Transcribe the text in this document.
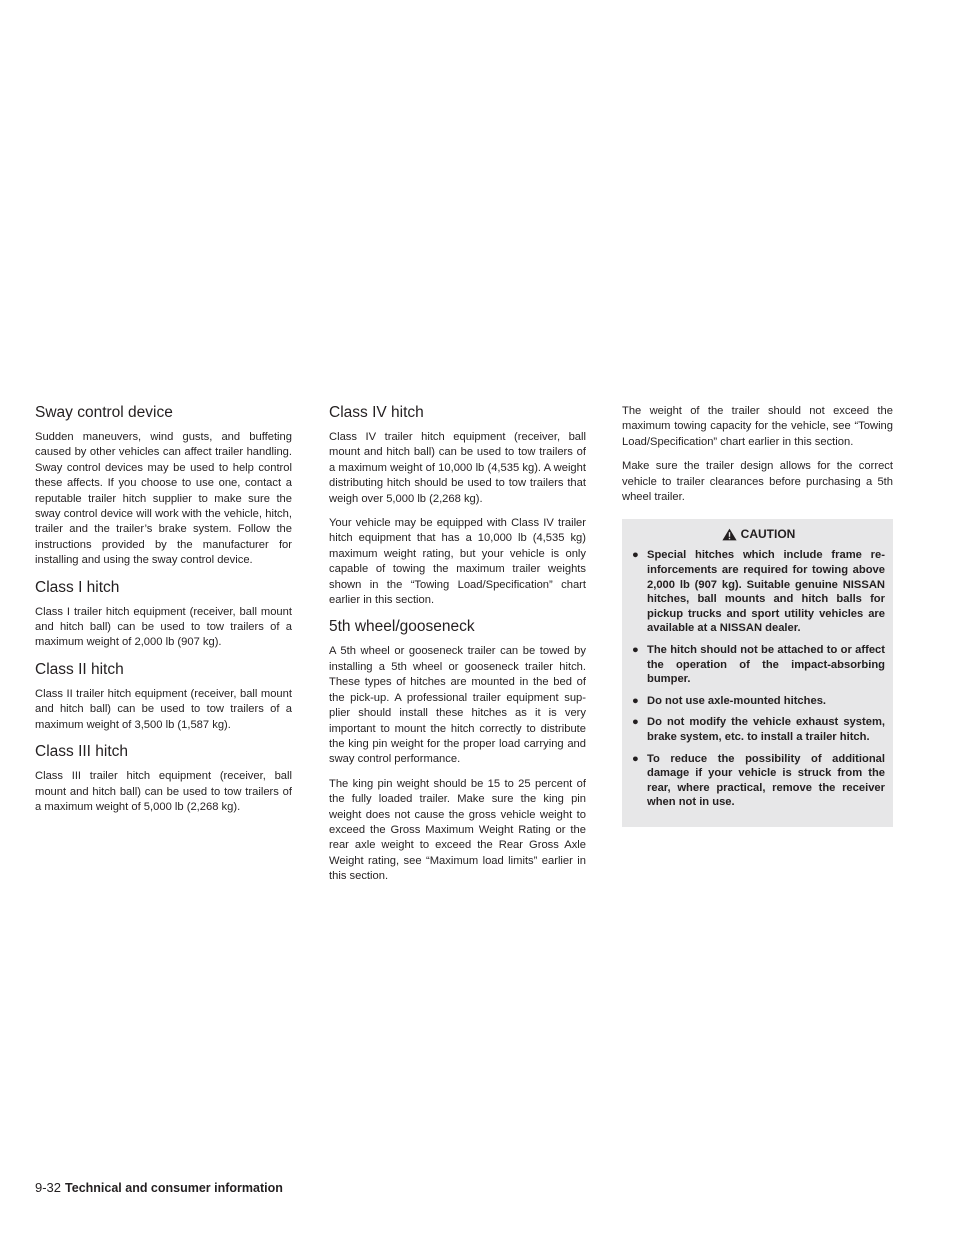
Sway control device

Sudden maneuvers, wind gusts, and buffeting caused by other vehicles can affect trailer handling. Sway control devices may be used to help control these affects. If you choose to use one, contact a reputable trailer hitch supplier to make sure the sway control device will work with the vehicle, hitch, trailer and the trailer’s brake system. Follow the instructions provided by the manufacturer for installing and using the sway control device.

Class I hitch

Class I trailer hitch equipment (receiver, ball mount and hitch ball) can be used to tow trailers of a maximum weight of 2,000 lb (907 kg).

Class II hitch

Class II trailer hitch equipment (receiver, ball mount and hitch ball) can be used to tow trailers of a maximum weight of 3,500 lb (1,587 kg).

Class III hitch

Class III trailer hitch equipment (receiver, ball mount and hitch ball) can be used to tow trailers of a maximum weight of 5,000 lb (2,268 kg).

Class IV hitch

Class IV trailer hitch equipment (receiver, ball mount and hitch ball) can be used to tow trailers of a maximum weight of 10,000 lb (4,535 kg). A weight distributing hitch should be used to tow trailers that weigh over 5,000 lb (2,268 kg).

Your vehicle may be equipped with Class IV trailer hitch equipment that has a 10,000 lb (4,535 kg) maximum weight rating, but your vehicle is only capable of towing the maximum trailer weights shown in the “Towing Load/Specification” chart earlier in this section.

5th wheel/gooseneck

A 5th wheel or gooseneck trailer can be towed by installing a 5th wheel or gooseneck trailer hitch. These types of hitches are mounted in the bed of the pick-up. A professional trailer equipment supplier should install these hitches as it is very important to mount the hitch correctly to distribute the king pin weight for the proper load carrying and sway control performance.

The king pin weight should be 15 to 25 percent of the fully loaded trailer. Make sure the king pin weight does not cause the gross vehicle weight to exceed the Gross Maximum Weight Rating or the rear axle weight to exceed the Rear Gross Axle Weight rating, see “Maximum load limits” earlier in this section.

The weight of the trailer should not exceed the maximum towing capacity for the vehicle, see “Towing Load/Specification” chart earlier in this section.

Make sure the trailer design allows for the correct vehicle to trailer clearances before purchasing a 5th wheel trailer.

CAUTION
● Special hitches which include frame reinforcements are required for towing above 2,000 lb (907 kg). Suitable genuine NISSAN hitches, ball mounts and hitch balls for pickup trucks and sport utility vehicles are available at a NISSAN dealer.
● The hitch should not be attached to or affect the operation of the impact-absorbing bumper.
● Do not use axle-mounted hitches.
● Do not modify the vehicle exhaust system, brake system, etc. to install a trailer hitch.
● To reduce the possibility of additional damage if your vehicle is struck from the rear, where practical, remove the receiver when not in use.
9-32 Technical and consumer information
